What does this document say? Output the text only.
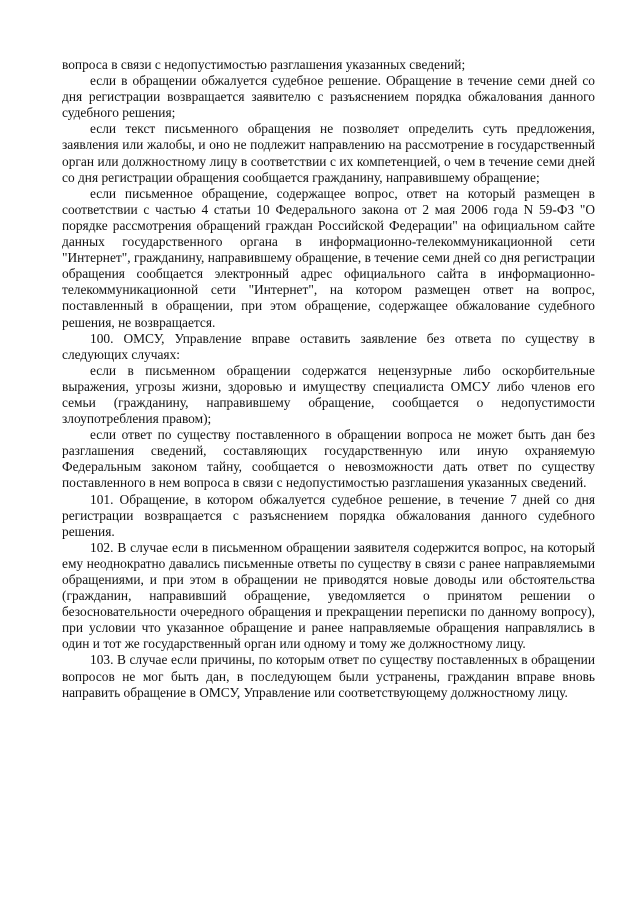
вопроса в связи с недопустимостью разглашения указанных сведений;

если в обращении обжалуется судебное решение. Обращение в течение семи дней со дня регистрации возвращается заявителю с разъяснением порядка обжалования данного судебного решения;

если текст письменного обращения не позволяет определить суть предложения, заявления или жалобы, и оно не подлежит направлению на рассмотрение в государственный орган или должностному лицу в соответствии с их компетенцией, о чем в течение семи дней со дня регистрации обращения сообщается гражданину, направившему обращение;

если письменное обращение, содержащее вопрос, ответ на который размещен в соответствии с частью 4 статьи 10 Федерального закона от 2 мая 2006 года N 59-ФЗ "О порядке рассмотрения обращений граждан Российской Федерации" на официальном сайте данных государственного органа в информационно-телекоммуникационной сети "Интернет", гражданину, направившему обращение, в течение семи дней со дня регистрации обращения сообщается электронный адрес официального сайта в информационно-телекоммуникационной сети "Интернет", на котором размещен ответ на вопрос, поставленный в обращении, при этом обращение, содержащее обжалование судебного решения, не возвращается.

100. ОМСУ, Управление вправе оставить заявление без ответа по существу в следующих случаях:

если в письменном обращении содержатся нецензурные либо оскорбительные выражения, угрозы жизни, здоровью и имуществу специалиста ОМСУ либо членов его семьи (гражданину, направившему обращение, сообщается о недопустимости злоупотребления правом);

если ответ по существу поставленного в обращении вопроса не может быть дан без разглашения сведений, составляющих государственную или иную охраняемую Федеральным законом тайну, сообщается о невозможности дать ответ по существу поставленного в нем вопроса в связи с недопустимостью разглашения указанных сведений.

101. Обращение, в котором обжалуется судебное решение, в течение 7 дней со дня регистрации возвращается с разъяснением порядка обжалования данного судебного решения.

102. В случае если в письменном обращении заявителя содержится вопрос, на который ему неоднократно давались письменные ответы по существу в связи с ранее направляемыми обращениями, и при этом в обращении не приводятся новые доводы или обстоятельства (гражданин, направивший обращение, уведомляется о принятом решении о безосновательности очередного обращения и прекращении переписки по данному вопросу), при условии что указанное обращение и ранее направляемые обращения направлялись в один и тот же государственный орган или одному и тому же должностному лицу.

103. В случае если причины, по которым ответ по существу поставленных в обращении вопросов не мог быть дан, в последующем были устранены, гражданин вправе вновь направить обращение в ОМСУ, Управление или соответствующему должностному лицу.
